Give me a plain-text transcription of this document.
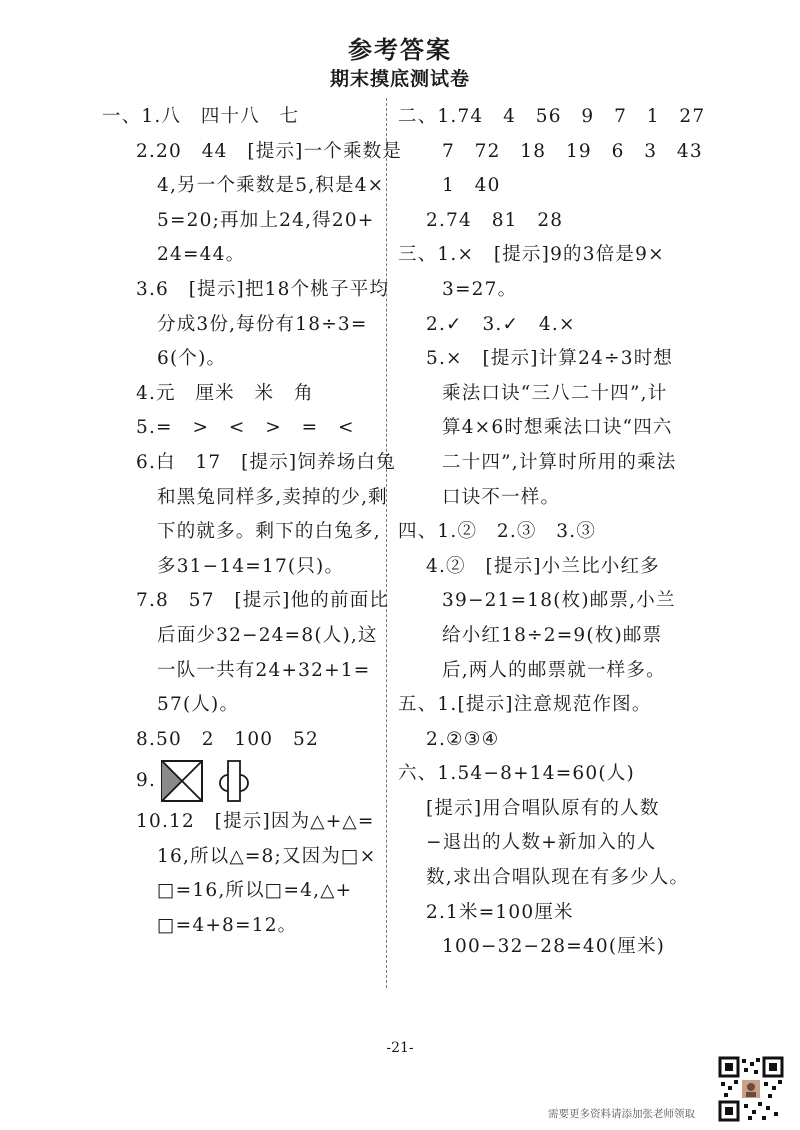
参考答案
期末摸底测试卷
一、1.八　四十八　七
2.20　44　[提示]一个乘数是
4,另一个乘数是5,积是4×
5=20;再加上24,得20+
24=44。
3.6　[提示]把18个桃子平均
分成3份,每份有18÷3=
6(个)。
4.元　厘米　米　角
5.=　>　<　>　=　<
6.白　17　[提示]饲养场白兔
和黑兔同样多,卖掉的少,剩
下的就多。剩下的白兔多,
多31−14=17(只)。
7.8　57　[提示]他的前面比
后面少32−24=8(人),这
一队一共有24+32+1=
57(人)。
8.50　2　100　52
9.
10.12　[提示]因为△+△=
16,所以△=8;又因为□×
□=16,所以□=4,△+
□=4+8=12。
二、1.74　4　56　9　7　1　27
7　72　18　19　6　3　43
1　40
2.74　81　28
三、1.×　[提示]9的3倍是9×
3=27。
2.✓　3.✓　4.×
5.×　[提示]计算24÷3时想
乘法口诀“三八二十四”,计
算4×6时想乘法口诀“四六
二十四”,计算时所用的乘法
口诀不一样。
四、1.②　2.③　3.③
4.②　[提示]小兰比小红多
39−21=18(枚)邮票,小兰
给小红18÷2=9(枚)邮票
后,两人的邮票就一样多。
五、1.[提示]注意规范作图。
2.②③④
六、1.54−8+14=60(人)
[提示]用合唱队原有的人数
−退出的人数+新加入的人
数,求出合唱队现在有多少人。
2.1米=100厘米
100−32−28=40(厘米)
-21-
需要更多资料请添加张老师领取
